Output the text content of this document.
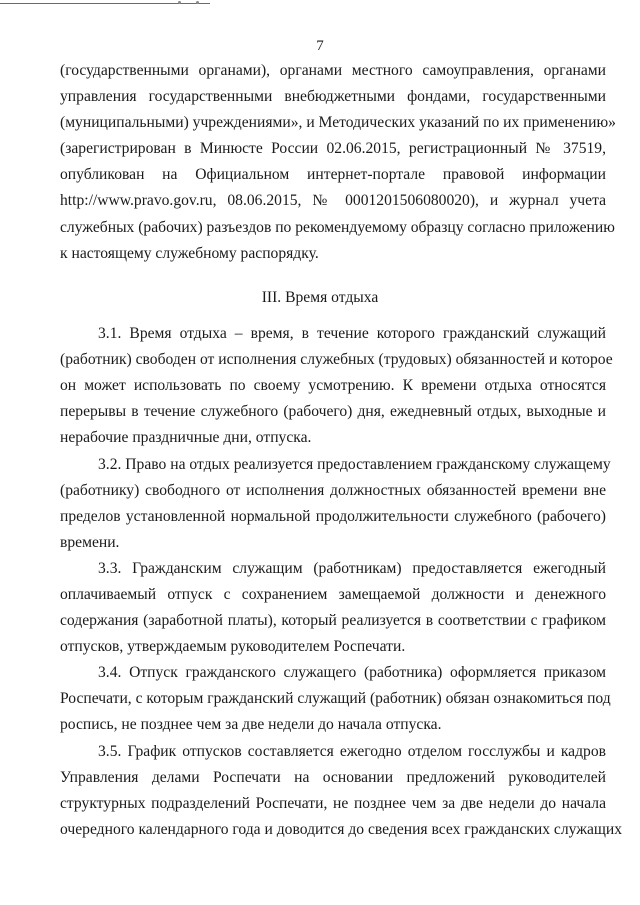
7
(государственными органами), органами местного самоуправления, органами
управления государственными внебюджетными фондами, государственными
(муниципальными) учреждениями», и Методических указаний по их применению»
(зарегистрирован в Минюсте России 02.06.2015, регистрационный № 37519,
опубликован на Официальном интернет-портале правовой информации
http://www.pravo.gov.ru, 08.06.2015, № 0001201506080020), и журнал учета
служебных (рабочих) разъездов по рекомендуемому образцу согласно приложению
к настоящему служебному распорядку.
III. Время отдыха
3.1. Время отдыха – время, в течение которого гражданский служащий
(работник) свободен от исполнения служебных (трудовых) обязанностей и которое
он может использовать по своему усмотрению. К времени отдыха относятся
перерывы в течение служебного (рабочего) дня, ежедневный отдых, выходные и
нерабочие праздничные дни, отпуска.
3.2. Право на отдых реализуется предоставлением гражданскому служащему
(работнику) свободного от исполнения должностных обязанностей времени вне
пределов установленной нормальной продолжительности служебного (рабочего)
времени.
3.3. Гражданским служащим (работникам) предоставляется ежегодный
оплачиваемый отпуск с сохранением замещаемой должности и денежного
содержания (заработной платы), который реализуется в соответствии с графиком
отпусков, утверждаемым руководителем Роспечати.
3.4. Отпуск гражданского служащего (работника) оформляется приказом
Роспечати, с которым гражданский служащий (работник) обязан ознакомиться под
роспись, не позднее чем за две недели до начала отпуска.
3.5. График отпусков составляется ежегодно отделом госслужбы и кадров
Управления делами Роспечати на основании предложений руководителей
структурных подразделений Роспечати, не позднее чем за две недели до начала
очередного календарного года и доводится до сведения всех гражданских служащих
